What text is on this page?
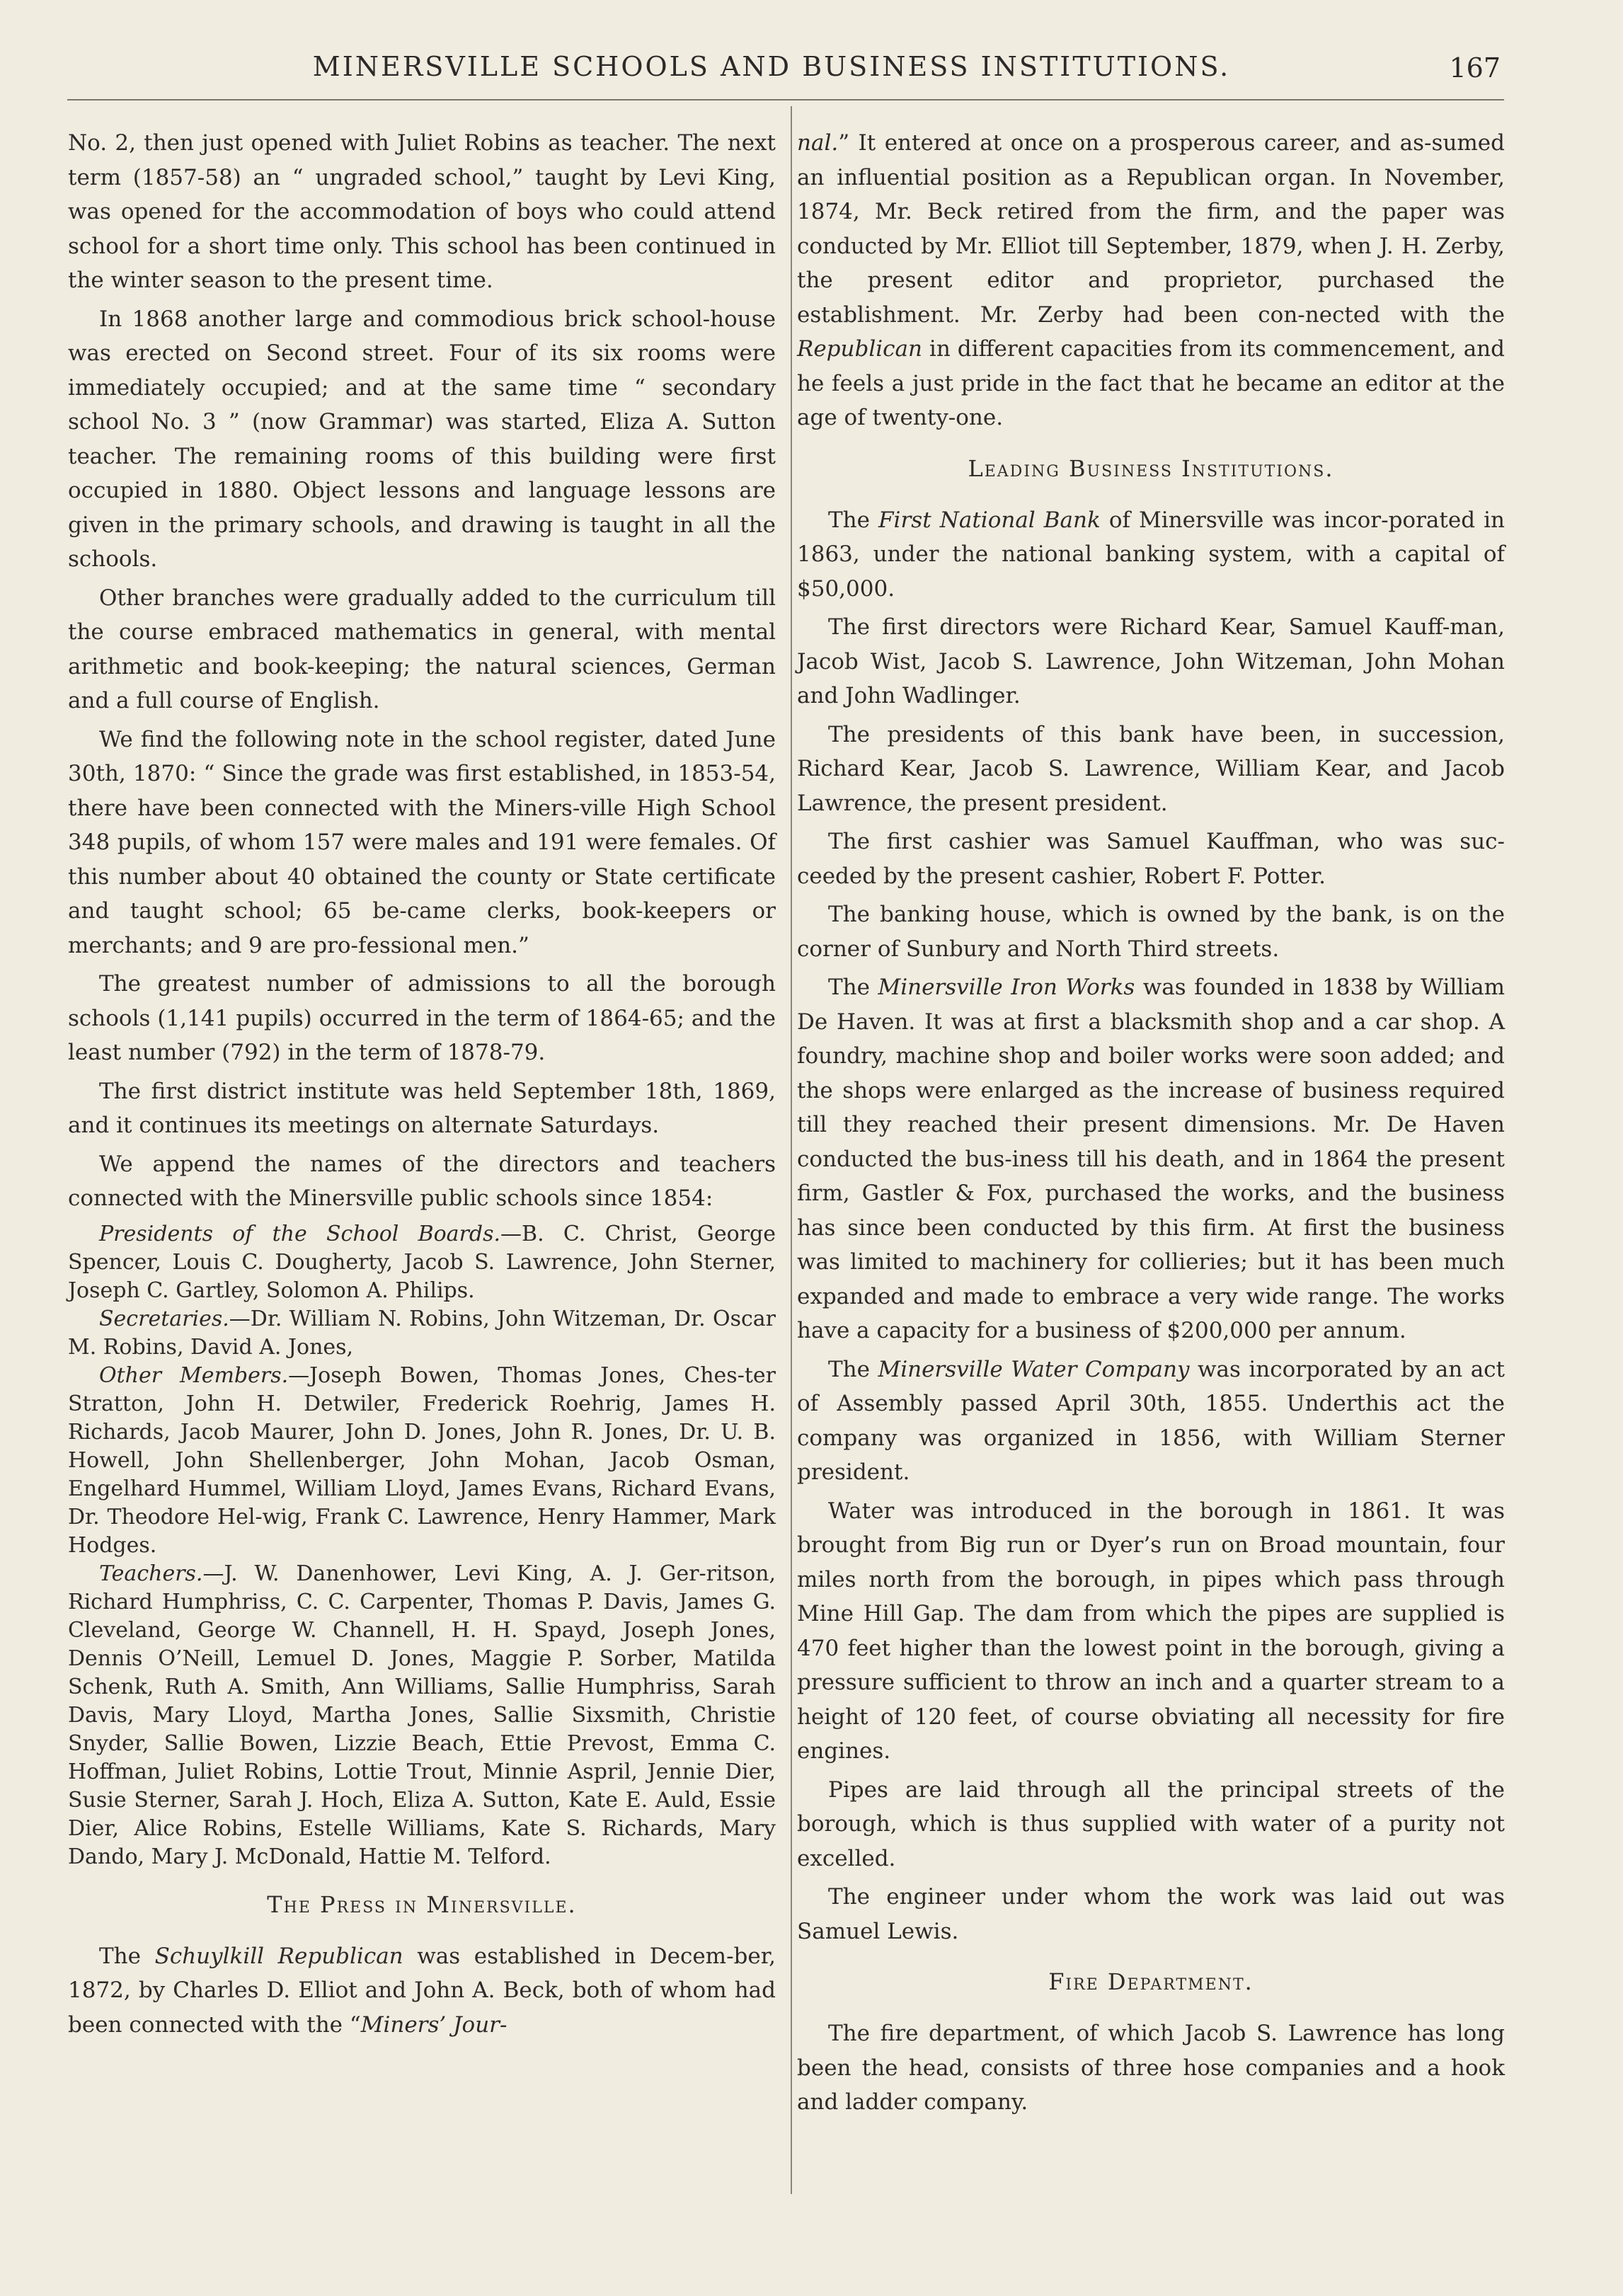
MINERSVILLE SCHOOLS AND BUSINESS INSTITUTIONS.	167

No. 2, then just opened with Juliet Robins as teacher. The next term (1857-58) an “ ungraded school,” taught by Levi King, was opened for the accommodation of boys who could attend school for a short time only. This school has been continued in the winter season to the present time.

In 1868 another large and commodious brick school-house was erected on Second street. Four of its six rooms were immediately occupied; and at the same time “ secondary school No. 3 ” (now Grammar) was started, Eliza A. Sutton teacher. The remaining rooms of this building were first occupied in 1880. Object lessons and language lessons are given in the primary schools, and drawing is taught in all the schools.

Other branches were gradually added to the curriculum till the course embraced mathematics in general, with mental arithmetic and book-keeping; the natural sciences, German and a full course of English.

We find the following note in the school register, dated June 30th, 1870: “ Since the grade was first established, in 1853-54, there have been connected with the Miners-ville High School 348 pupils, of whom 157 were males and 191 were females. Of this number about 40 obtained the county or State certificate and taught school; 65 be-came clerks, book-keepers or merchants; and 9 are pro-fessional men.”

The greatest number of admissions to all the borough schools (1,141 pupils) occurred in the term of 1864-65; and the least number (792) in the term of 1878-79.

The first district institute was held September 18th, 1869, and it continues its meetings on alternate Saturdays.

We append the names of the directors and teachers connected with the Minersville public schools since 1854:

Presidents of the School Boards.—B. C. Christ, George Spencer, Louis C. Dougherty, Jacob S. Lawrence, John Sterner, Joseph C. Gartley, Solomon A. Philips.

Secretaries.—Dr. William N. Robins, John Witzeman, Dr. Oscar M. Robins, David A. Jones,

Other Members.—Joseph Bowen, Thomas Jones, Ches-ter Stratton, John H. Detwiler, Frederick Roehrig, James H. Richards, Jacob Maurer, John D. Jones, John R. Jones, Dr. U. B. Howell, John Shellenberger, John Mohan, Jacob Osman, Engelhard Hummel, William Lloyd, James Evans, Richard Evans, Dr. Theodore Hel-wig, Frank C. Lawrence, Henry Hammer, Mark Hodges.

Teachers.—J. W. Danenhower, Levi King, A. J. Ger-ritson, Richard Humphriss, C. C. Carpenter, Thomas P. Davis, James G. Cleveland, George W. Channell, H. H. Spayd, Joseph Jones, Dennis O’Neill, Lemuel D. Jones, Maggie P. Sorber, Matilda Schenk, Ruth A. Smith, Ann Williams, Sallie Humphriss, Sarah Davis, Mary Lloyd, Martha Jones, Sallie Sixsmith, Christie Snyder, Sallie Bowen, Lizzie Beach, Ettie Prevost, Emma C. Hoffman, Juliet Robins, Lottie Trout, Minnie Aspril, Jennie Dier, Susie Sterner, Sarah J. Hoch, Eliza A. Sutton, Kate E. Auld, Essie Dier, Alice Robins, Estelle Williams, Kate S. Richards, Mary Dando, Mary J. McDonald, Hattie M. Telford.

The Press in Minersville.

The Schuylkill Republican was established in Decem-ber, 1872, by Charles D. Elliot and John A. Beck, both of whom had been connected with the “Miners’ Jour-

nal.” It entered at once on a prosperous career, and as-sumed an influential position as a Republican organ. In November, 1874, Mr. Beck retired from the firm, and the paper was conducted by Mr. Elliot till September, 1879, when J. H. Zerby, the present editor and proprietor, purchased the establishment. Mr. Zerby had been con-nected with the Republican in different capacities from its commencement, and he feels a just pride in the fact that he became an editor at the age of twenty-one.

Leading Business Institutions.

The First National Bank of Minersville was incor-porated in 1863, under the national banking system, with a capital of $50,000.

The first directors were Richard Kear, Samuel Kauff-man, Jacob Wist, Jacob S. Lawrence, John Witzeman, John Mohan and John Wadlinger.

The presidents of this bank have been, in succession, Richard Kear, Jacob S. Lawrence, William Kear, and Jacob Lawrence, the present president.

The first cashier was Samuel Kauffman, who was suc-ceeded by the present cashier, Robert F. Potter.

The banking house, which is owned by the bank, is on the corner of Sunbury and North Third streets.

The Minersville Iron Works was founded in 1838 by William De Haven. It was at first a blacksmith shop and a car shop. A foundry, machine shop and boiler works were soon added; and the shops were enlarged as the increase of business required till they reached their present dimensions. Mr. De Haven conducted the bus-iness till his death, and in 1864 the present firm, Gastler & Fox, purchased the works, and the business has since been conducted by this firm. At first the business was limited to machinery for collieries; but it has been much expanded and made to embrace a very wide range. The works have a capacity for a business of $200,000 per annum.

The Minersville Water Company was incorporated by an act of Assembly passed April 30th, 1855. Underthis act the company was organized in 1856, with William Sterner president.

Water was introduced in the borough in 1861. It was brought from Big run or Dyer’s run on Broad mountain, four miles north from the borough, in pipes which pass through Mine Hill Gap. The dam from which the pipes are supplied is 470 feet higher than the lowest point in the borough, giving a pressure sufficient to throw an inch and a quarter stream to a height of 120 feet, of course obviating all necessity for fire engines.

Pipes are laid through all the principal streets of the borough, which is thus supplied with water of a purity not excelled.

The engineer under whom the work was laid out was Samuel Lewis.

Fire Department.

The fire department, of which Jacob S. Lawrence has long been the head, consists of three hose companies and a hook and ladder company.
